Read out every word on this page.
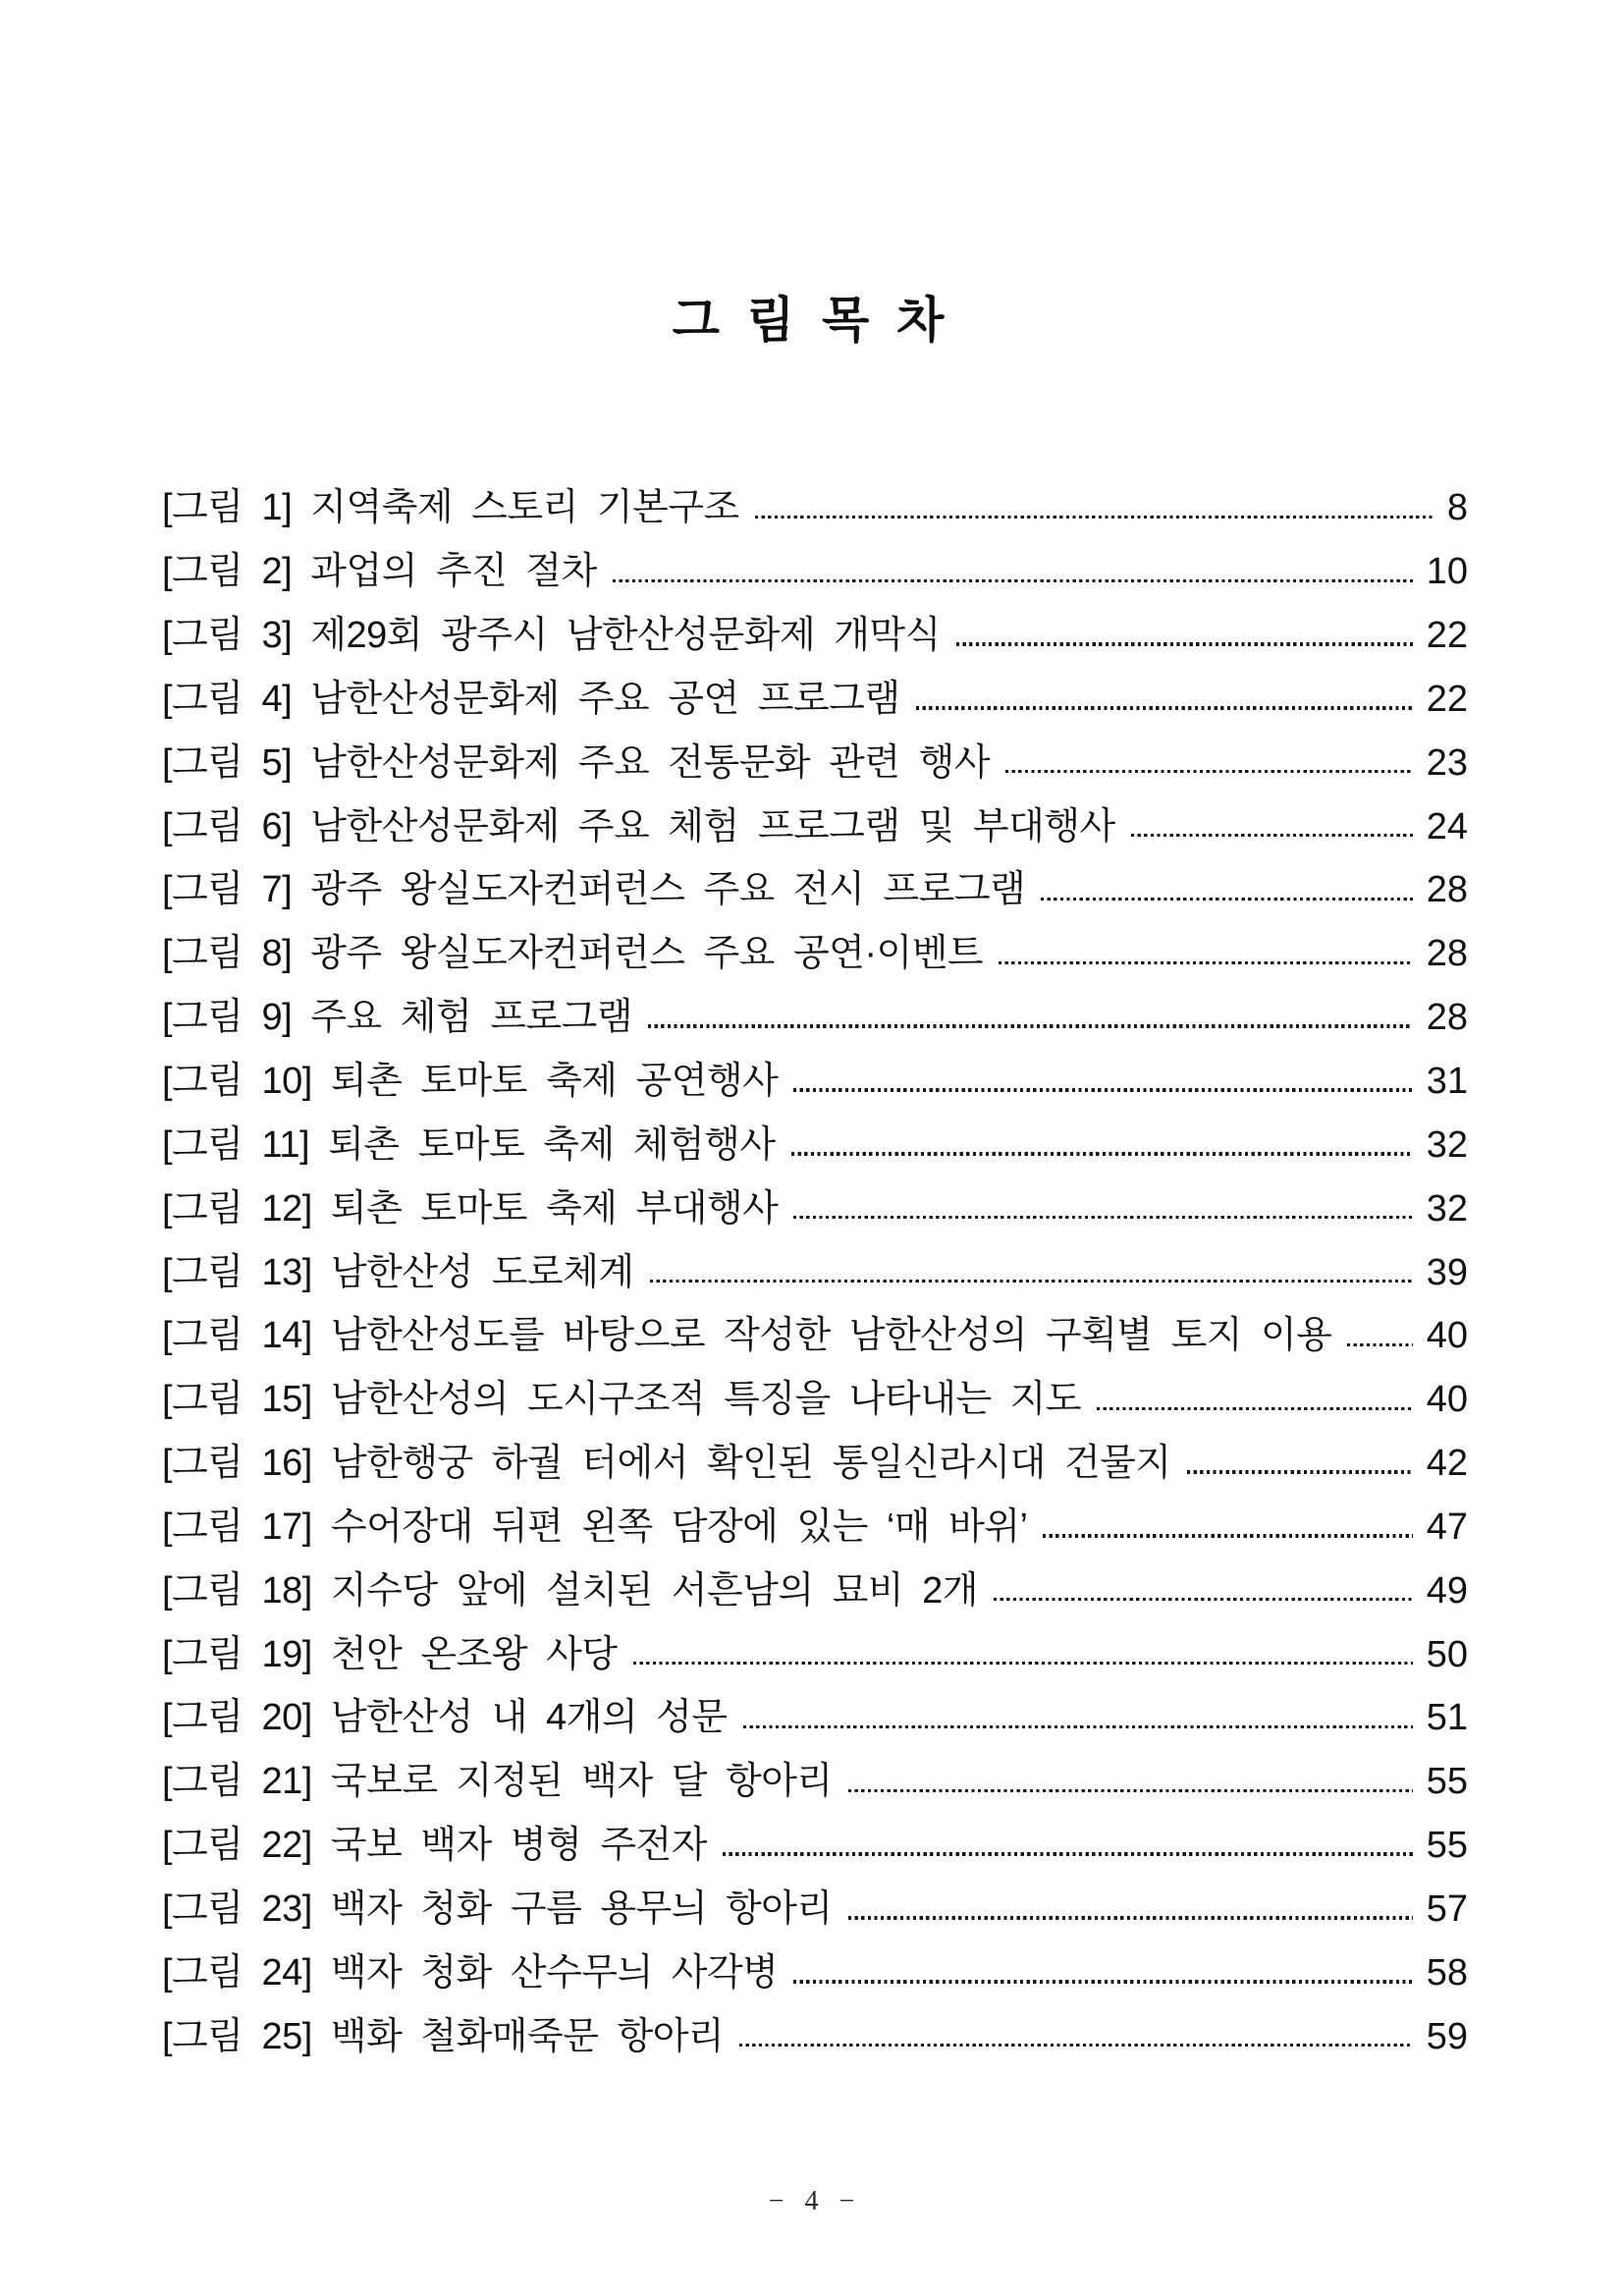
그 림 목 차
[그림 1] 지역축제 스토리 기본구조	8
[그림 2] 과업의 추진 절차	10
[그림 3] 제29회 광주시 남한산성문화제 개막식	22
[그림 4] 남한산성문화제 주요 공연 프로그램	22
[그림 5] 남한산성문화제 주요 전통문화 관련 행사	23
[그림 6] 남한산성문화제 주요 체험 프로그램 및 부대행사	24
[그림 7] 광주 왕실도자컨퍼런스 주요 전시 프로그램	28
[그림 8] 광주 왕실도자컨퍼런스 주요 공연·이벤트	28
[그림 9] 주요 체험 프로그램	28
[그림 10] 퇴촌 토마토 축제 공연행사	31
[그림 11] 퇴촌 토마토 축제 체험행사	32
[그림 12] 퇴촌 토마토 축제 부대행사	32
[그림 13] 남한산성 도로체계	39
[그림 14] 남한산성도를 바탕으로 작성한 남한산성의 구획별 토지 이용	40
[그림 15] 남한산성의 도시구조적 특징을 나타내는 지도	40
[그림 16] 남한행궁 하궐 터에서 확인된 통일신라시대 건물지	42
[그림 17] 수어장대 뒤편 왼쪽 담장에 있는 ‘매 바위’	47
[그림 18] 지수당 앞에 설치된 서흔남의 묘비 2개	49
[그림 19] 천안 온조왕 사당	50
[그림 20] 남한산성 내 4개의 성문	51
[그림 21] 국보로 지정된 백자 달 항아리	55
[그림 22] 국보 백자 병형 주전자	55
[그림 23] 백자 청화 구름 용무늬 항아리	57
[그림 24] 백자 청화 산수무늬 사각병	58
[그림 25] 백화 철화매죽문 항아리	59
− 4 −
